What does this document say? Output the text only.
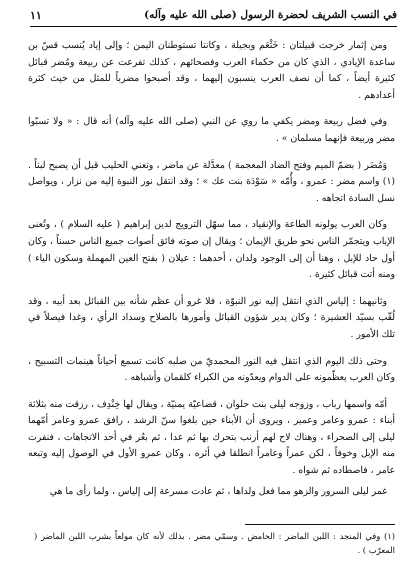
في النسب الشريف لحضرة الرسول (صلى الله عليه وآله)
١١

ومن إثمار خرجت قبيلتان : خَثْعَم وبجيلة ، وكانتا تستوطنان اليمن ؛ وإلى إياد يُنسب قسّ بن ساعدة الإيادي ، الذي كان من حكماء العرب وفصحائهم ، كذلك تفرعت عن ربيعة ومُضر قبائل كثيرة أيضاً ، كما أن نصف العرب ينسبون إليهما ، وقد أصبحوا مضرباً للمثل من حيث كثرة أعدادهم .

وفي فضل ربيعة ومضر يكفي ما روي عن النبي (صلى الله عليه وآله) أنه قال : « ولا تسبّوا مضر وربيعة فإنهما مسلمان » .

وَمُضَر ( بضمّ الميم وفتح الضاد المعجمة ) معدَّلة عن ماضر ، وتعني الحليب قبل أن يصبح لبناً . (١) واسم مضر : عمرو ، وأُمّه « سَوْدَة بنت عك » ؛ وقد انتقل نور النبوة إليه من نزار ، ويواصل نسل السادة اتجاهه .

وكان العرب يولونه الطاعة والإنقياد ، مما سهّل الترويج لدين إبراهيم ( عليه السلام ) ، وتُعنى الإياب ويتجمّر الناس نحو طريق الإيمان ؛ ويقال إن صوته فائق أصوات جميع الناس حسناً ، وكان أول حاد للإبل ، وهنا أن إلى الوجود ولدان ، أحدهما : عيلان ( بفتح العين المهملة وسكون الياء ) ومنه أتت قبائل كثيرة .

وثانيهما : إلياس الذي انتقل إليه نور النبوّة ، فلا غرو أن عظم شأنه بين القبائل بعد أبيه ، وقد لُقّب بسيّد العشيرة ؛ وكان يدير شؤون القبائل وأمورها بالصلاح وسداد الرأي ، وغدا فيصلاً في تلك الأمور .

وحتى ذلك اليوم الذي انتقل فيه النور المحمديّ من صلبه كانت تسمع أحياناً هينمات التسبيح ، وكان العرب يعظّمونه على الدوام ويعدّونه من الكبراء كلقمان وأشباهه .

أمّه واسمها رباب ، وزوجه ليلى بنت حلوان ، قضاعيّة يمنيّة ، ويقال لها خِنْدِف ، رزقت منه بثلاثة أبناء : عمرو وعامر وعمير ، ويروى أن الأبناء حين بلغوا سنّ الرشد ، رافق عمرو وعامر أمّهما ليلى إلى الصحراء ، وهناك لاح لهم أرنب بتحرك بها ثم عدا ، ثم بعُر في أحد الاتجاهات ، فنفرت منه الإبل وخوفاً ، لكن عمراً وعامراً انطلقا في أثره ، وكان عمرو الأول في الوصول إليه وتبعه عامر ، فاصطاده ثم شواه .

غمر ليلى السرور والزهو مما فعل ولداها ، ثم عادت مسرعة إلى إلياس ، ولما رأى ما هي

(١) وفي المنجد : اللبن الماضر : الحامض . وسمّي مضر . بذلك لأنه كان مولعاً بشرب اللبن الماضر ( المعرّب ) .
